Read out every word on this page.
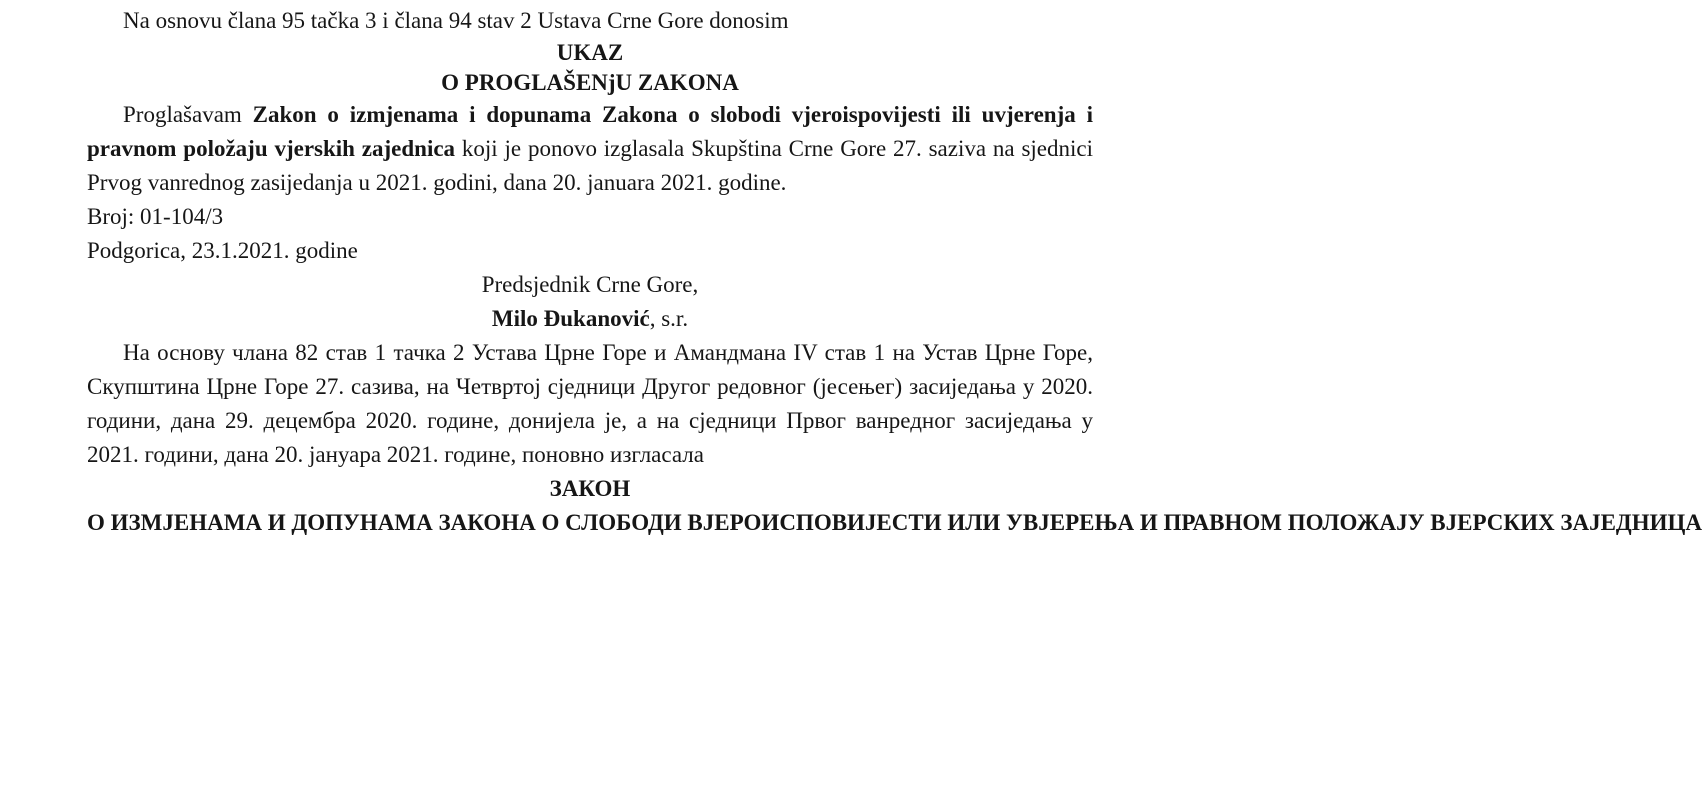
Na osnovu člana 95 tačka 3 i člana 94 stav 2 Ustava Crne Gore donosim

UKAZ
O PROGLAŠENjU ZAKONA

Proglašavam Zakon o izmjenama i dopunama Zakona o slobodi vjeroispovijesti ili uvjerenja i pravnom položaju vjerskih zajednica koji je ponovo izglasala Skupština Crne Gore 27. saziva na sjednici Prvog vanrednog zasijedanja u 2021. godini, dana 20. januara 2021. godine.

Broj: 01-104/3
Podgorica, 23.1.2021. godine
Predsjednik Crne Gore,
Milo Đukanović, s.r.

На основу члана 82 став 1 тачка 2 Устава Црне Горе и Амандмана IV став 1 на Устав Црне Горе, Скупштина Црне Горе 27. сазива, на Четвртој сједници Другог редовног (јесењег) засиједања у 2020. години, дана 29. децембра 2020. године, донијела је, а на сједници Првог ванредног засиједања у 2021. години, дана 20. јануара 2021. године, поновно изгласала

ЗАКОН
О ИЗМЈЕНАМА И ДОПУНАМА ЗАКОНА О СЛОБОДИ ВЈЕРОИСПОВИЈЕСТИ ИЛИ УВЈЕРЕЊА И ПРАВНОМ ПОЛОЖАЈУ ВЈЕРСКИХ ЗАЈЕДНИЦА
